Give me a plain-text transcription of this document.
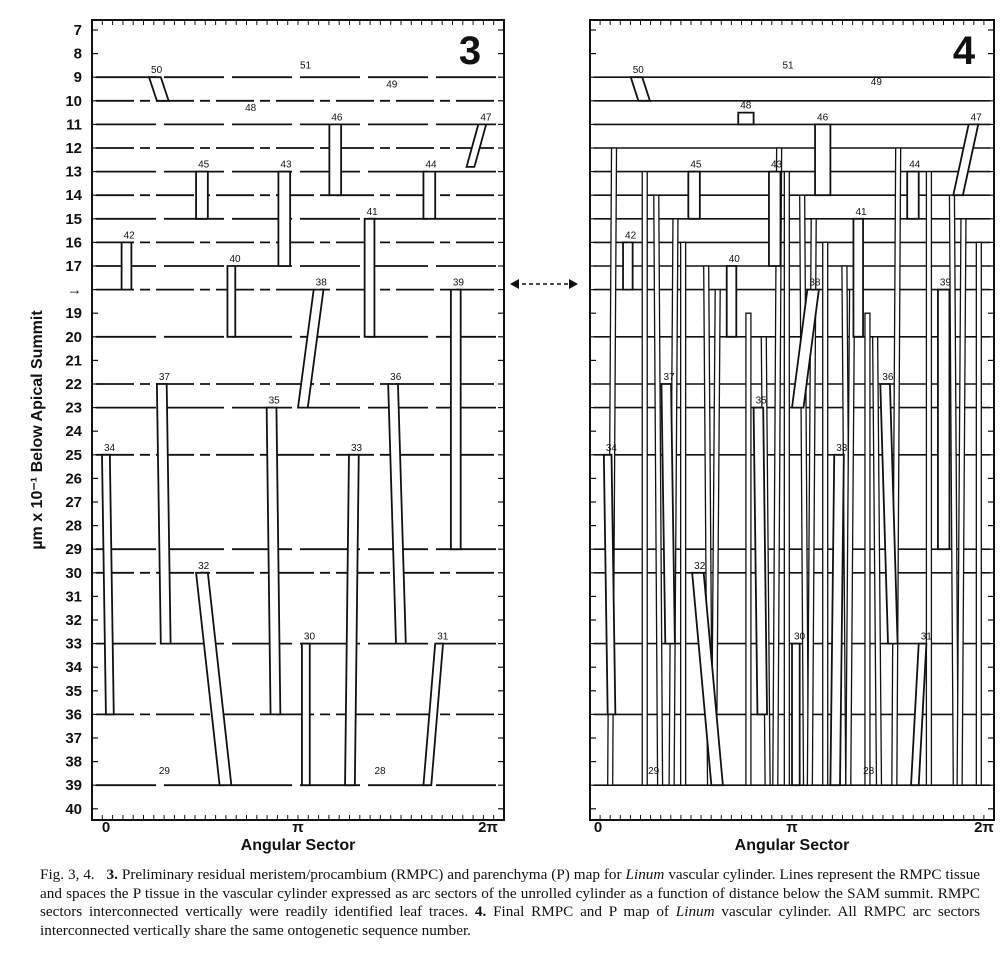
µm x 10⁻¹ Below Apical Summit
7
8
9
10
11
12
13
14
15
16
17
→
19
20
21
22
23
24
25
26
27
28
29
30
31
32
33
34
35
36
37
38
39
40
50	51
49
48
46	47
45	43	44
41
42
40
38	39
37	36
35
34	33
32
30	31
29	28
3	50	51
49
48
46	47
45	43	44
41
42
40
38	39
37	36
35
34	33
32
30	31
29	28
4
0	π	2π
Angular Sector
0	π	2π
Angular Sector
Fig. 3, 4. 3. Preliminary residual meristem/procambium (RMPC) and parenchyma (P) map for Linum vascular cylinder. Lines represent the RMPC tissue and spaces the P tissue in the vascular cylinder expressed as arc sectors of the unrolled cylinder as a function of distance below the SAM summit. RMPC sectors interconnected vertically were readily identified leaf traces. 4. Final RMPC and P map of Linum vascular cylinder. All RMPC arc sectors interconnected vertically share the same ontogenetic sequence number.
